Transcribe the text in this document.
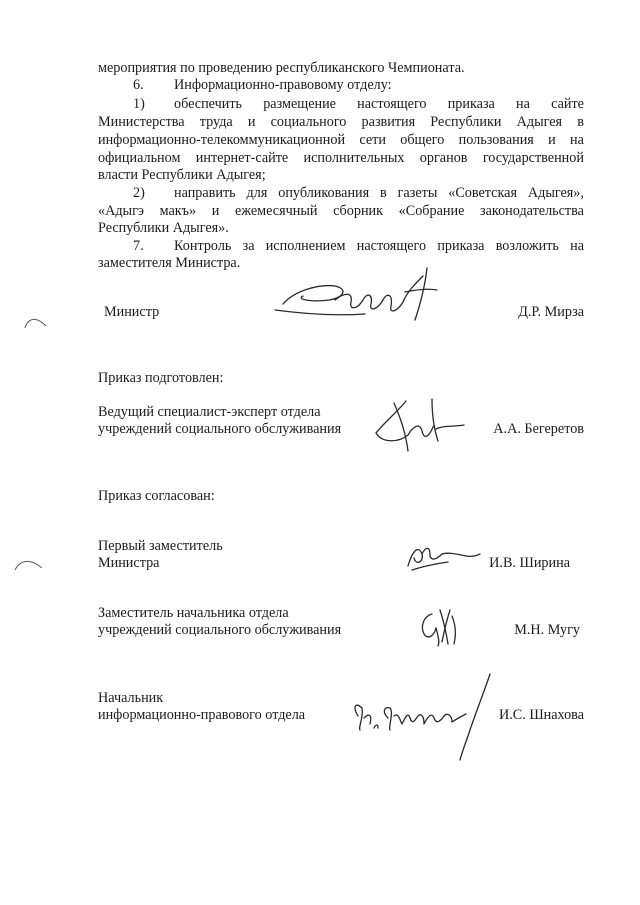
мероприятия по проведению республиканского Чемпионата.
6. Информационно-правовому отделу:
1) обеспечить размещение настоящего приказа на сайте
Министерства труда и социального развития Республики Адыгея в
информационно-телекоммуникационной сети общего пользования и на
официальном интернет-сайте исполнительных органов государственной
власти Республики Адыгея;
2) направить для опубликования в газеты «Советская Адыгея»,
«Адыгэ макъ» и ежемесячный сборник «Собрание законодательства
Республики Адыгея».
7. Контроль за исполнением настоящего приказа возложить на
заместителя Министра.
Министр	Д.Р. Мирза
Приказ подготовлен:
Ведущий специалист-эксперт отдела
учреждений социального обслуживания	А.А. Бегеретов
Приказ согласован:
Первый заместитель
Министра	И.В. Ширина
Заместитель начальника отдела
учреждений социального обслуживания	М.Н. Мугу
Начальник
информационно-правового отдела	И.С. Шнахова
